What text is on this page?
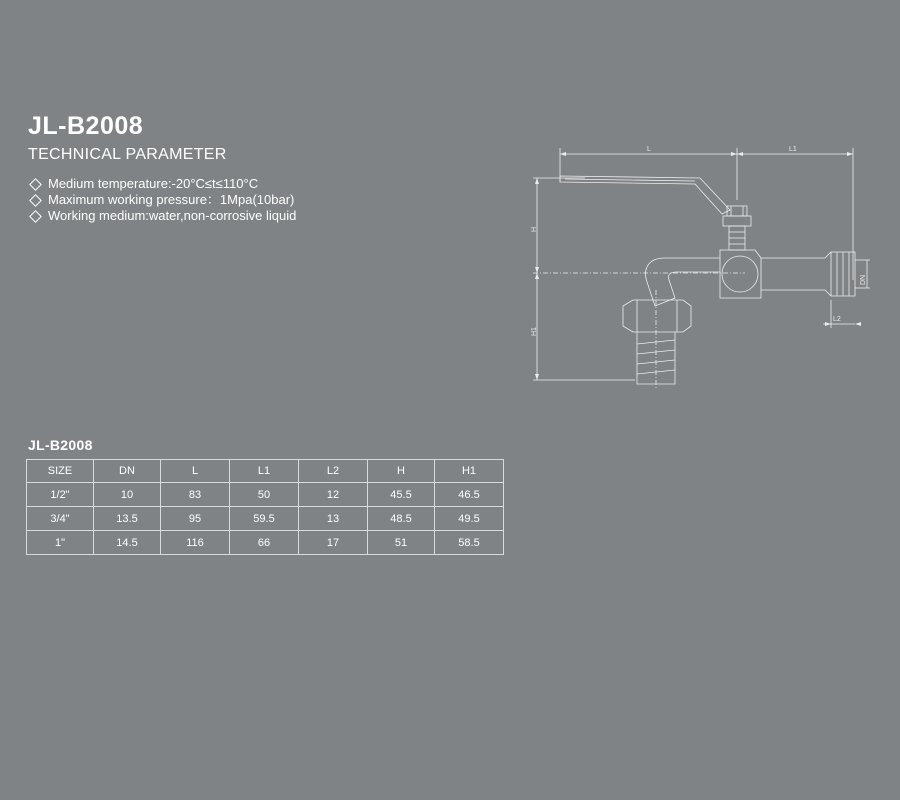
JL-B2008
TECHNICAL PARAMETER
Medium temperature:-20°C≤t≤110°C
Maximum working pressure：1Mpa(10bar)
Working medium:water,non-corrosive liquid
L	L1
H
H1
DN
L2
JL-B2008
SIZE	DN	L	L1	L2	H	H1
1/2"	10	83	50	12	45.5	46.5
3/4"	13.5	95	59.5	13	48.5	49.5
1"	14.5	116	66	17	51	58.5
